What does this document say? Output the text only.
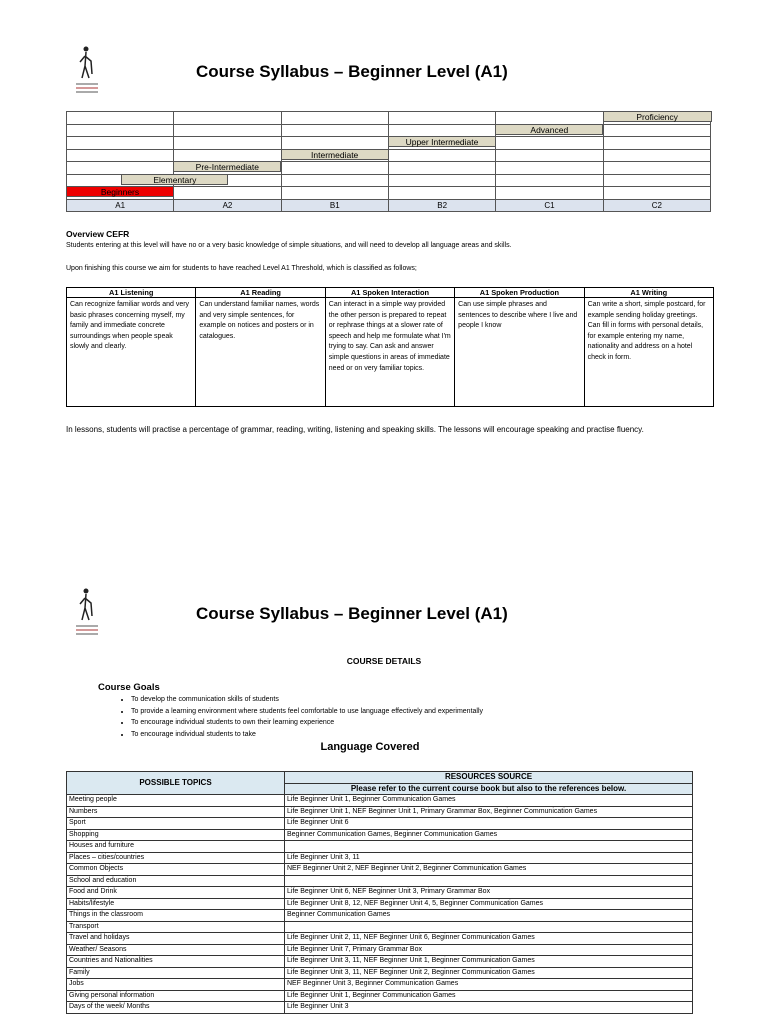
Course Syllabus – Beginner Level (A1)

					Proficiency

				Advanced	

			Upper Intermediate		

		Intermediate			

	Pre-Intermediate				

	Elementary				

Beginners					

A1	A2	B1	B2	C1	C2
Overview CEFR
Students entering at this level will have no or a very basic knowledge of simple situations, and will need to develop all language areas and skills.
Upon finishing this course we aim for students to have reached Level A1 Threshold, which is classified as follows;
A1 Listening	A1 Reading	A1 Spoken Interaction	A1 Spoken Production	A1 Writing
Can recognize familiar words and very basic phrases concerning myself, my family and immediate concrete surroundings when people speak slowly and clearly.	Can understand familiar names, words and very simple sentences, for example on notices and posters or in catalogues.	Can interact in a simple way provided the other person is prepared to repeat or rephrase things at a slower rate of speech and help me formulate what I'm trying to say. Can ask and answer simple questions in areas of immediate need or on very familiar topics.	Can use simple phrases and sentences to describe where I live and people I know	Can write a short, simple postcard, for example sending holiday greetings. Can fill in forms with personal details, for example entering my name, nationality and address on a hotel check in form.
In lessons, students will practise a percentage of grammar, reading, writing, listening and speaking skills. The lessons will encourage speaking and practise fluency.
Course Syllabus – Beginner Level (A1)
COURSE DETAILS
Course Goals
• To develop the communication skills of students
• To provide a learning environment where students feel comfortable to use language effectively and experimentally
• To encourage individual students to own their learning experience
• To encourage individual students to take
Language Covered
POSSIBLE TOPICS	RESOURCES SOURCE
	Please refer to the current course book but also to the references below.
Meeting people	Life Beginner Unit 1, Beginner Communication Games
Numbers	Life Beginner Unit 1, NEF Beginner Unit 1, Primary Grammar Box, Beginner Communication Games
Sport	Life Beginner Unit 6
Shopping	Beginner Communication Games, Beginner Communication Games
Houses and furniture	
Places – cities/countries	Life Beginner Unit 3, 11
Common Objects	NEF Beginner Unit 2, NEF Beginner Unit 2, Beginner Communication Games
School and education	
Food and Drink	Life Beginner Unit 6, NEF Beginner Unit 3, Primary Grammar Box
Habits/lifestyle	Life Beginner Unit 8, 12, NEF Beginner Unit 4, 5, Beginner Communication Games
Things in the classroom	Beginner Communication Games
Transport	
Travel and holidays	Life Beginner Unit 2, 11, NEF Beginner Unit 6, Beginner Communication Games
Weather/ Seasons	Life Beginner Unit 7, Primary Grammar Box
Countries and Nationalities	Life Beginner Unit 3, 11, NEF Beginner Unit 1, Beginner Communication Games
Family	Life Beginner Unit 3, 11, NEF Beginner Unit 2, Beginner Communication Games
Jobs	NEF Beginner Unit 3, Beginner Communication Games
Giving personal information	Life Beginner Unit 1, Beginner Communication Games
Days of the week/ Months	Life Beginner Unit 3
